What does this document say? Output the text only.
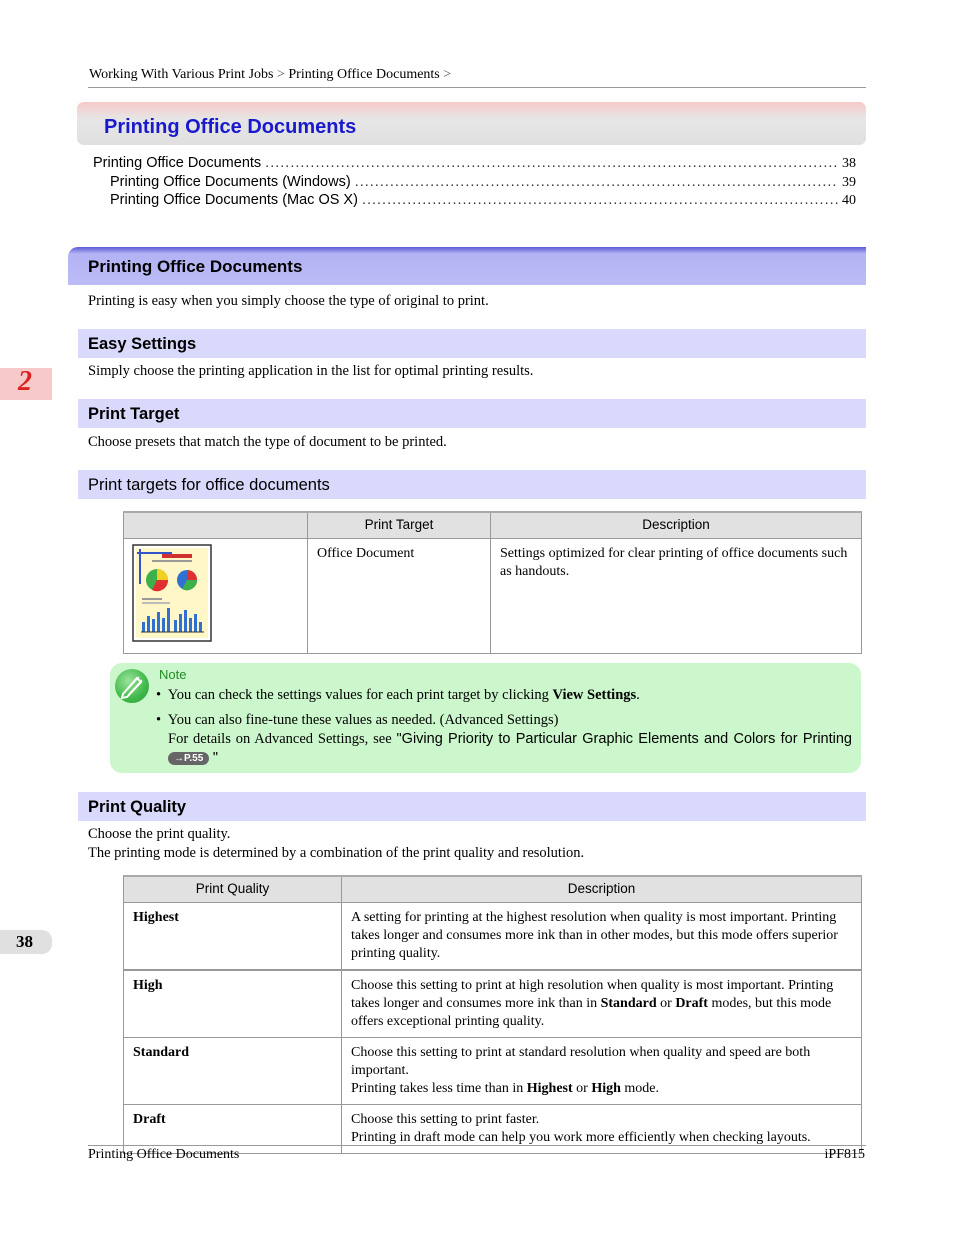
Working With Various Print Jobs > Printing Office Documents >
Printing Office Documents
Printing Office Documents .....	38
Printing Office Documents (Windows) .....	39
Printing Office Documents (Mac OS X) .....	40
Printing Office Documents
Printing is easy when you simply choose the type of original to print.
Easy Settings
Simply choose the printing application in the list for optimal printing results.
Print Target
Choose presets that match the type of document to be printed.
Print targets for office documents
	Print Target	Description
	Office Document	Settings optimized for clear printing of office documents such as handouts.
Note
• You can check the settings values for each print target by clicking View Settings.
• You can also fine-tune these values as needed. (Advanced Settings)
For details on Advanced Settings, see "Giving Priority to Particular Graphic Elements and Colors for Printing
→P.55 "
Print Quality
Choose the print quality.
The printing mode is determined by a combination of the print quality and resolution.
Print Quality	Description
Highest	A setting for printing at the highest resolution when quality is most important. Printing takes longer and consumes more ink than in other modes, but this mode offers superior printing quality.
High	Choose this setting to print at high resolution when quality is most important. Printing takes longer and consumes more ink than in Standard or Draft modes, but this mode offers exceptional printing quality.
Standard	Choose this setting to print at standard resolution when quality and speed are both important.
Printing takes less time than in Highest or High mode.
Draft	Choose this setting to print faster.
Printing in draft mode can help you work more efficiently when checking layouts.
2
38
Printing Office Documents	iPF815
